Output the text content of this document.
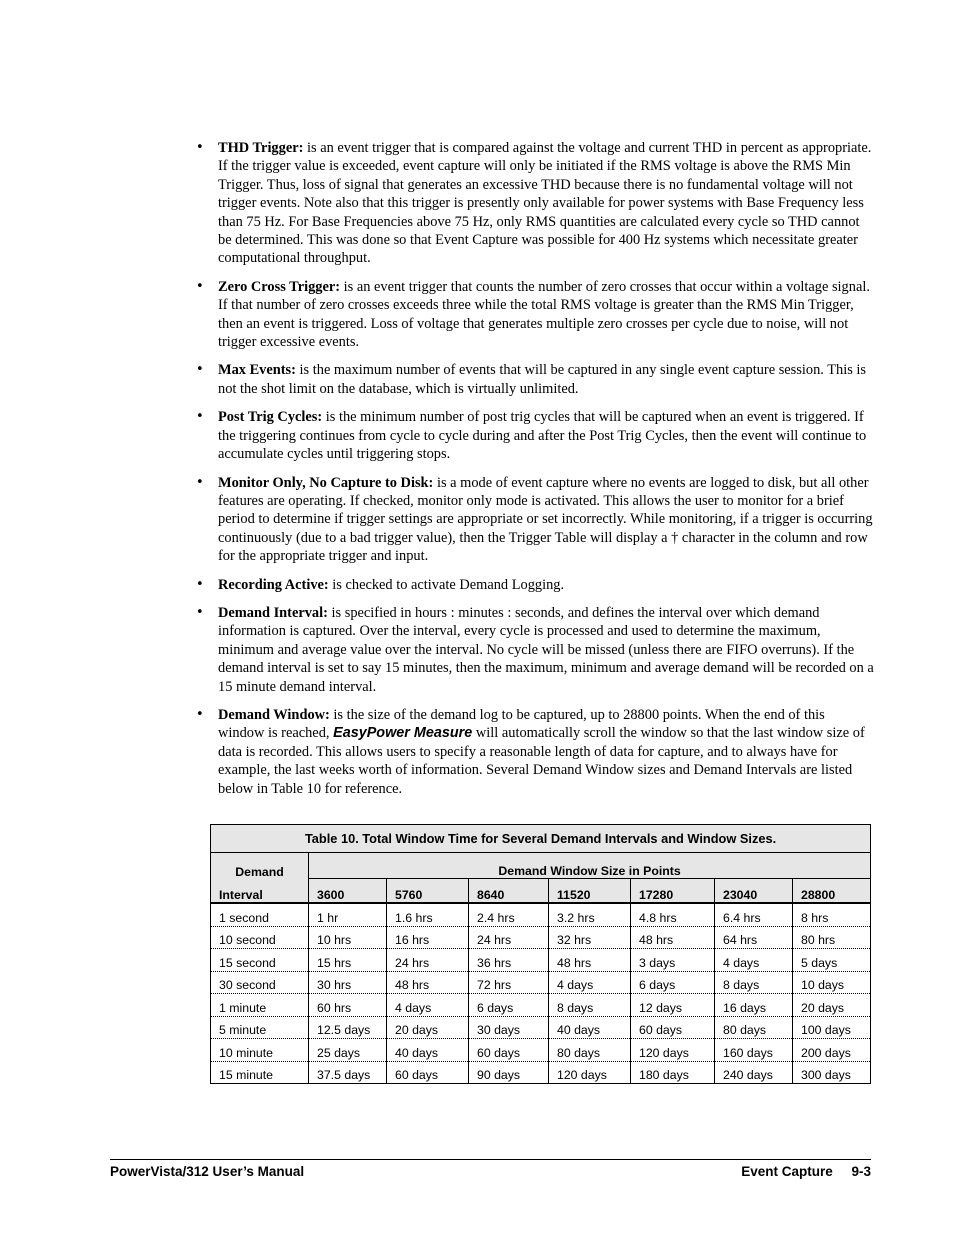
• THD Trigger: is an event trigger that is compared against the voltage and current THD in percent as appropriate. If the trigger value is exceeded, event capture will only be initiated if the RMS voltage is above the RMS Min Trigger. Thus, loss of signal that generates an excessive THD because there is no fundamental voltage will not trigger events. Note also that this trigger is presently only available for power systems with Base Frequency less than 75 Hz. For Base Frequencies above 75 Hz, only RMS quantities are calculated every cycle so THD cannot be determined. This was done so that Event Capture was possible for 400 Hz systems which necessitate greater computational throughput.
• Zero Cross Trigger: is an event trigger that counts the number of zero crosses that occur within a voltage signal. If that number of zero crosses exceeds three while the total RMS voltage is greater than the RMS Min Trigger, then an event is triggered. Loss of voltage that generates multiple zero crosses per cycle due to noise, will not trigger excessive events.
• Max Events: is the maximum number of events that will be captured in any single event capture session. This is not the shot limit on the database, which is virtually unlimited.
• Post Trig Cycles: is the minimum number of post trig cycles that will be captured when an event is triggered. If the triggering continues from cycle to cycle during and after the Post Trig Cycles, then the event will continue to accumulate cycles until triggering stops.
• Monitor Only, No Capture to Disk: is a mode of event capture where no events are logged to disk, but all other features are operating. If checked, monitor only mode is activated. This allows the user to monitor for a brief period to determine if trigger settings are appropriate or set incorrectly. While monitoring, if a trigger is occurring continuously (due to a bad trigger value), then the Trigger Table will display a † character in the column and row for the appropriate trigger and input.
• Recording Active: is checked to activate Demand Logging.
• Demand Interval: is specified in hours : minutes : seconds, and defines the interval over which demand information is captured. Over the interval, every cycle is processed and used to determine the maximum, minimum and average value over the interval. No cycle will be missed (unless there are FIFO overruns). If the demand interval is set to say 15 minutes, then the maximum, minimum and average demand will be recorded on a 15 minute demand interval.
• Demand Window: is the size of the demand log to be captured, up to 28800 points. When the end of this window is reached, EasyPower Measure will automatically scroll the window so that the last window size of data is recorded. This allows users to specify a reasonable length of data for capture, and to always have for example, the last weeks worth of information. Several Demand Window sizes and Demand Intervals are listed below in Table 10 for reference.
Table 10. Total Window Time for Several Demand Intervals and Window Sizes.							
Demand	Demand Window Size in Points						
Interval	3600	5760	8640	11520	17280	23040	28800
1 second	1 hr	1.6 hrs	2.4 hrs	3.2 hrs	4.8 hrs	6.4 hrs	8 hrs
10 second	10 hrs	16 hrs	24 hrs	32 hrs	48 hrs	64 hrs	80 hrs
15 second	15 hrs	24 hrs	36 hrs	48 hrs	3 days	4 days	5 days
30 second	30 hrs	48 hrs	72 hrs	4 days	6 days	8 days	10 days
1 minute	60 hrs	4 days	6 days	8 days	12 days	16 days	20 days
5 minute	12.5 days	20 days	30 days	40 days	60 days	80 days	100 days
10 minute	25 days	40 days	60 days	80 days	120 days	160 days	200 days
15 minute	37.5 days	60 days	90 days	120 days	180 days	240 days	300 days
PowerVista/312 User’s Manual	Event Capture     9-3
